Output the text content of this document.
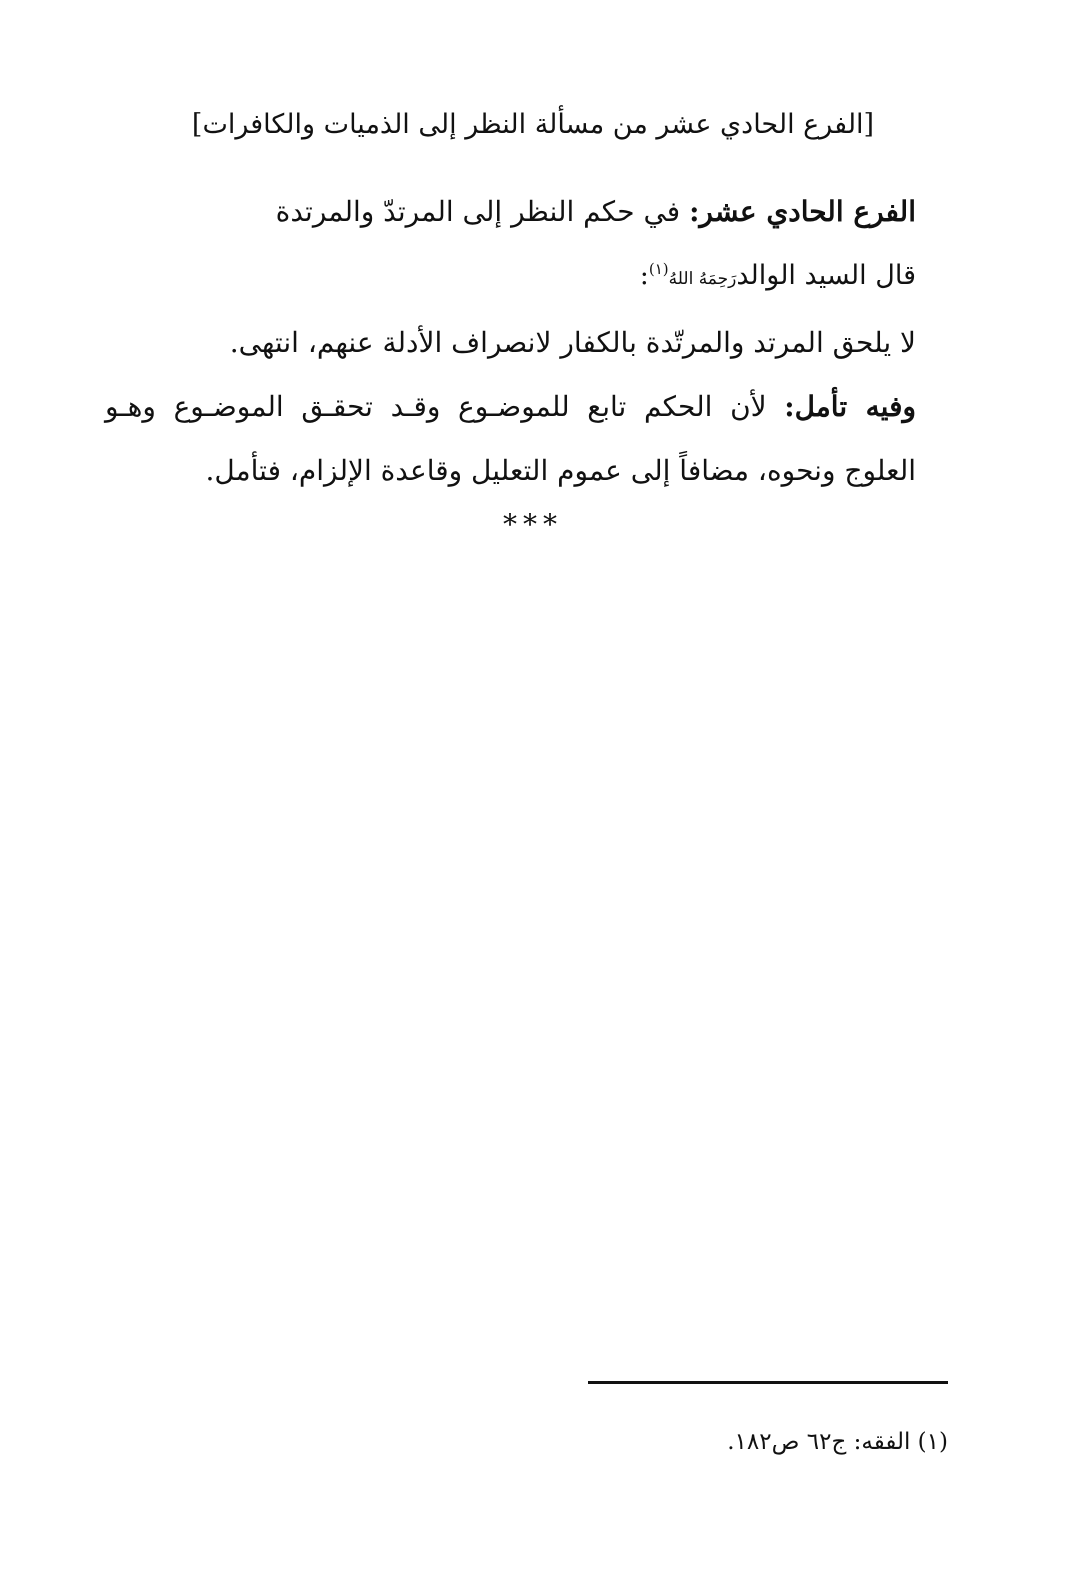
[الفرع الحادي عشر من مسألة النظر إلى الذميات والكافرات]

الفرع الحادي عشر: في حكم النظر إلى المرتدّ والمرتدة

قال السيد الوالدرَحِمَهُ اللهُ$^{(١)}$:

لا يلحق المرتد والمرتّدة بالكفار لانصراف الأدلة عنهم، انتهى.

وفيه تأمل: لأن الحكم تابع للموضـوع وقـد تحقـق الموضـوع وهـو العلوج ونحوه، مضافاً إلى عموم التعليل وقاعدة الإلزام، فتأمل.

***
(١) الفقه: ج٦٢ ص١٨٢.
